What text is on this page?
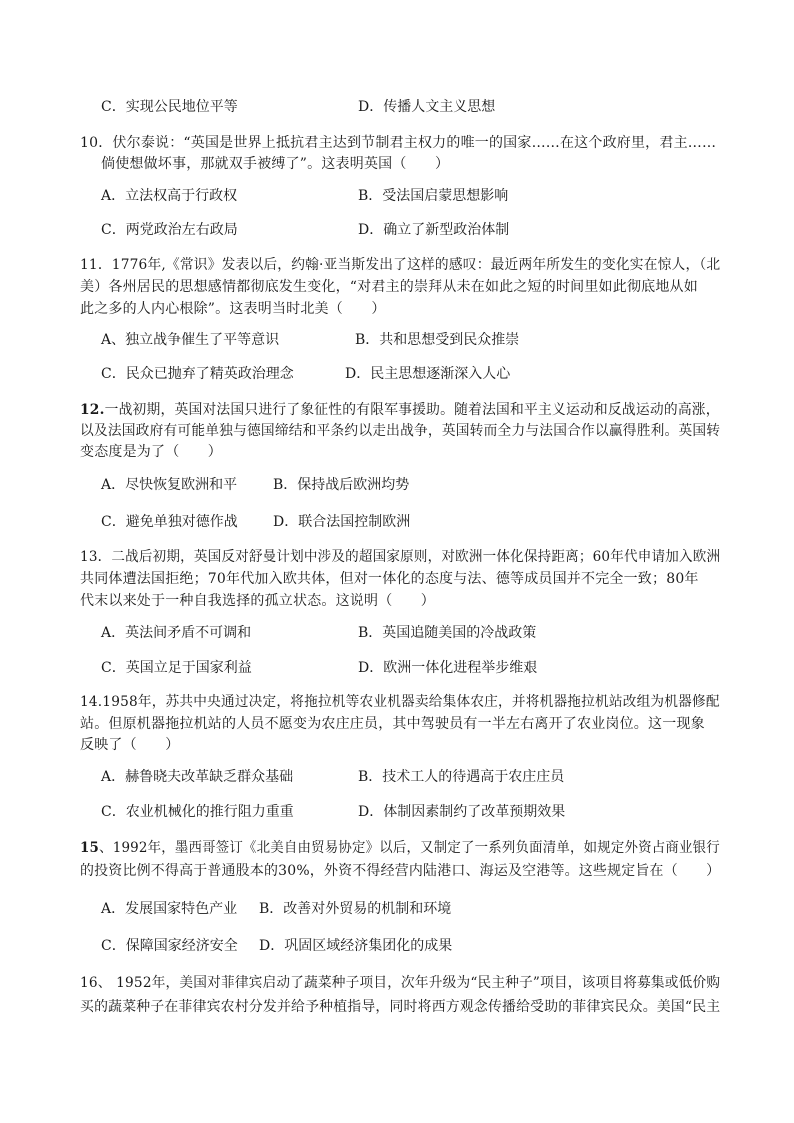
C．实现公民地位平等	D．传播人文主义思想
10．伏尔泰说：“英国是世界上抵抗君主达到节制君主权力的唯一的国家……在这个政府里，君主……
倘使想做坏事，那就双手被缚了”。这表明英国（　　）
A．立法权高于行政权	B．受法国启蒙思想影响
C．两党政治左右政局	D．确立了新型政治体制
11．1776年,《常识》发表以后，约翰·亚当斯发出了这样的感叹：最近两年所发生的变化实在惊人，（北
美）各州居民的思想感情都彻底发生变化，“对君主的崇拜从未在如此之短的时间里如此彻底地从如
此之多的人内心根除”。这表明当时北美（　　）
A、独立战争催生了平等意识	B．共和思想受到民众推崇
C．民众已抛弃了精英政治理念	D．民主思想逐渐深入人心
12.一战初期，英国对法国只进行了象征性的有限军事援助。随着法国和平主义运动和反战运动的高涨，
以及法国政府有可能单独与德国缔结和平条约以走出战争，英国转而全力与法国合作以赢得胜利。英国转
变态度是为了（　　）
A．尽快恢复欧洲和平	B．保持战后欧洲均势
C．避免单独对德作战	D．联合法国控制欧洲
13．二战后初期，英国反对舒曼计划中涉及的超国家原则，对欧洲一体化保持距离；60年代申请加入欧洲
共同体遭法国拒绝；70年代加入欧共体，但对一体化的态度与法、德等成员国并不完全一致；80年
代末以来处于一种自我选择的孤立状态。这说明（　　）
A．英法间矛盾不可调和	B．英国追随美国的冷战政策
C．英国立足于国家利益	D．欧洲一体化进程举步维艰
14.1958年，苏共中央通过决定，将拖拉机等农业机器卖给集体农庄，并将机器拖拉机站改组为机器修配
站。但原机器拖拉机站的人员不愿变为农庄庄员，其中驾驶员有一半左右离开了农业岗位。这一现象
反映了（　　）
A．赫鲁晓夫改革缺乏群众基础	B．技术工人的待遇高于农庄庄员
C．农业机械化的推行阻力重重	D．体制因素制约了改革预期效果
15、1992年，墨西哥签订《北美自由贸易协定》以后，又制定了一系列负面清单，如规定外资占商业银行
的投资比例不得高于普通股本的30%，外资不得经营内陆港口、海运及空港等。这些规定旨在（　　）
A．发展国家特色产业 B．改善对外贸易的机制和环境
C．保障国家经济安全 D．巩固区域经济集团化的成果
16、 1952年，美国对菲律宾启动了蔬菜种子项目，次年升级为“民主种子”项目，该项目将募集或低价购
买的蔬菜种子在菲律宾农村分发并给予种植指导，同时将西方观念传播给受助的菲律宾民众。美国“民主
